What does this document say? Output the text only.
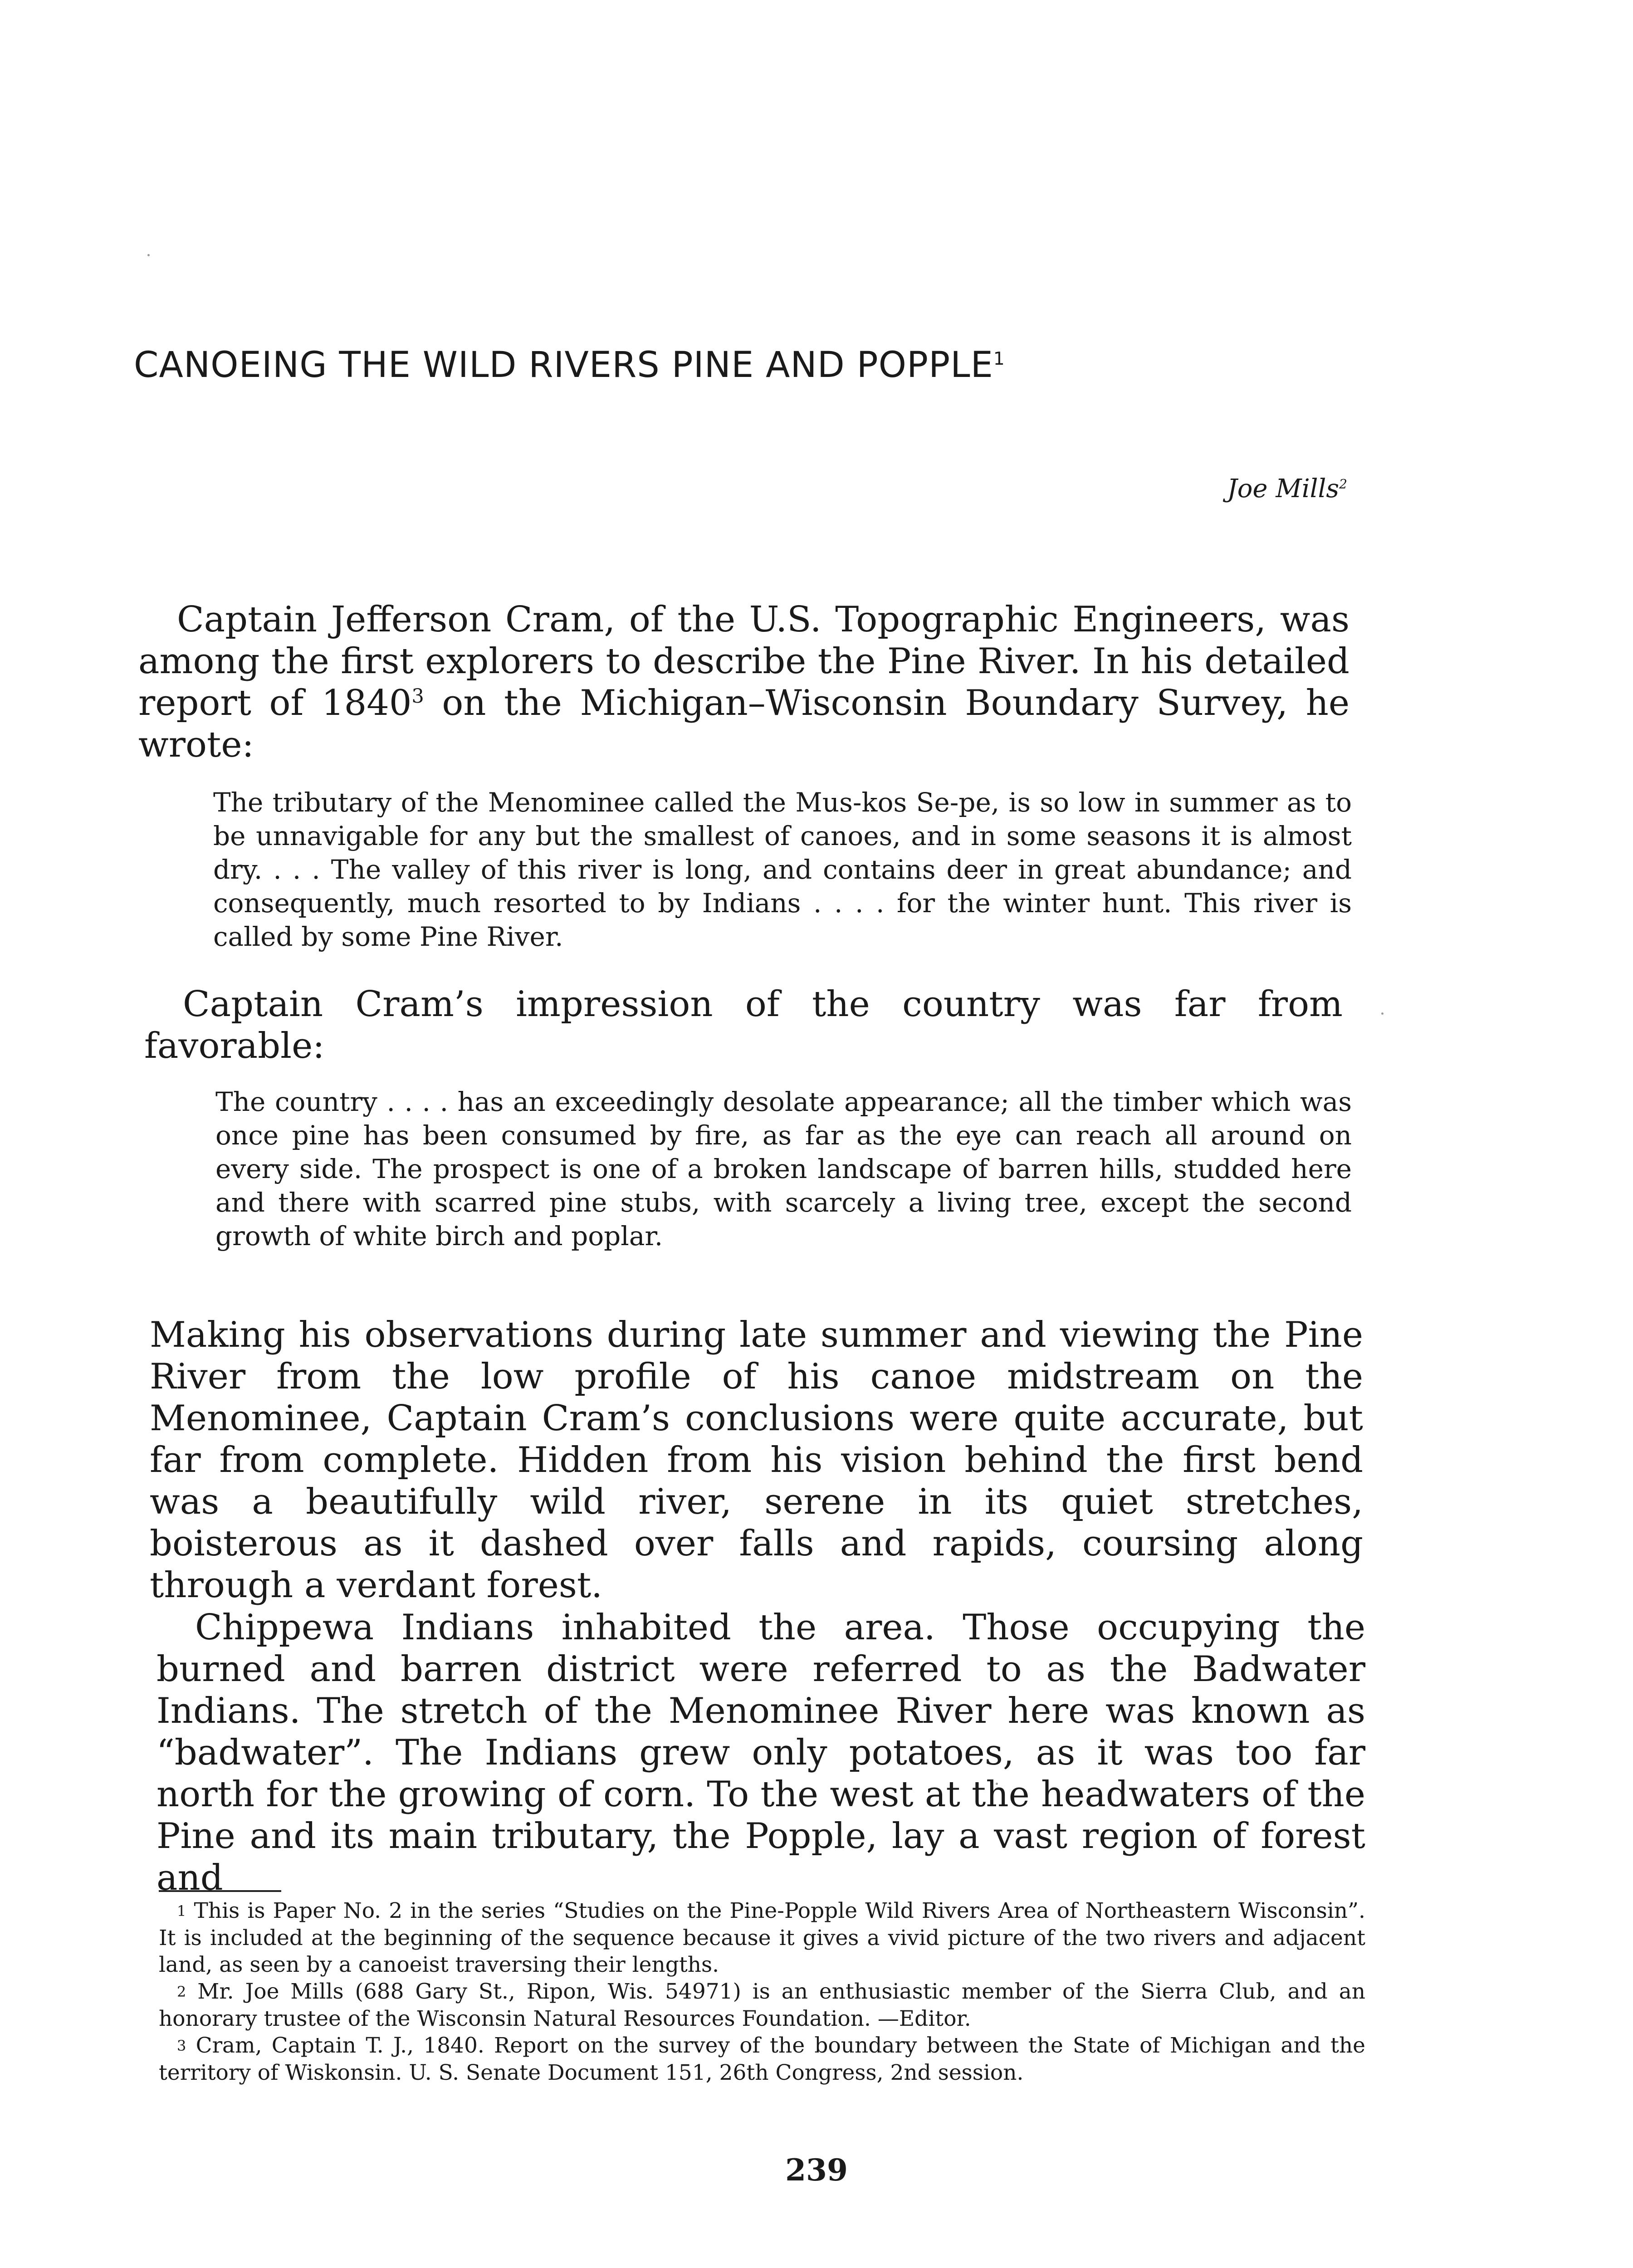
CANOEING THE WILD RIVERS PINE AND POPPLE$^1$
Joe Mills$^2$

Captain Jefferson Cram, of the U.S. Topographic Engineers, was among the first explorers to describe the Pine River. In his detailed report of 1840$^3$ on the Michigan–Wisconsin Boundary Survey, he wrote:

The tributary of the Menominee called the Mus-kos Se-pe, is so low in summer as to be unnavigable for any but the smallest of canoes, and in some seasons it is almost dry. . . . The valley of this river is long, and contains deer in great abundance; and consequently, much resorted to by Indians . . . . for the winter hunt. This river is called by some Pine River.

Captain Cram’s impression of the country was far from favorable:

The country . . . . has an exceedingly desolate appearance; all the timber which was once pine has been consumed by fire, as far as the eye can reach all around on every side. The prospect is one of a broken landscape of barren hills, studded here and there with scarred pine stubs, with scarcely a living tree, except the second growth of white birch and poplar.

Making his observations during late summer and viewing the Pine River from the low profile of his canoe midstream on the Menominee, Captain Cram’s conclusions were quite accurate, but far from complete. Hidden from his vision behind the first bend was a beautifully wild river, serene in its quiet stretches, boisterous as it dashed over falls and rapids, coursing along through a verdant forest.

Chippewa Indians inhabited the area. Those occupying the burned and barren district were referred to as the Badwater Indians. The stretch of the Menominee River here was known as “badwater”. The Indians grew only potatoes, as it was too far north for the growing of corn. To the west at the headwaters of the Pine and its main tributary, the Popple, lay a vast region of forest and

1 This is Paper No. 2 in the series “Studies on the Pine-Popple Wild Rivers Area of Northeastern Wisconsin”. It is included at the beginning of the sequence because it gives a vivid picture of the two rivers and adjacent land, as seen by a canoeist traversing their lengths.

2 Mr. Joe Mills (688 Gary St., Ripon, Wis. 54971) is an enthusiastic member of the Sierra Club, and an honorary trustee of the Wisconsin Natural Resources Foundation. —Editor.

3 Cram, Captain T. J., 1840. Report on the survey of the boundary between the State of Michigan and the territory of Wiskonsin. U. S. Senate Document 151, 26th Congress, 2nd session.

239
